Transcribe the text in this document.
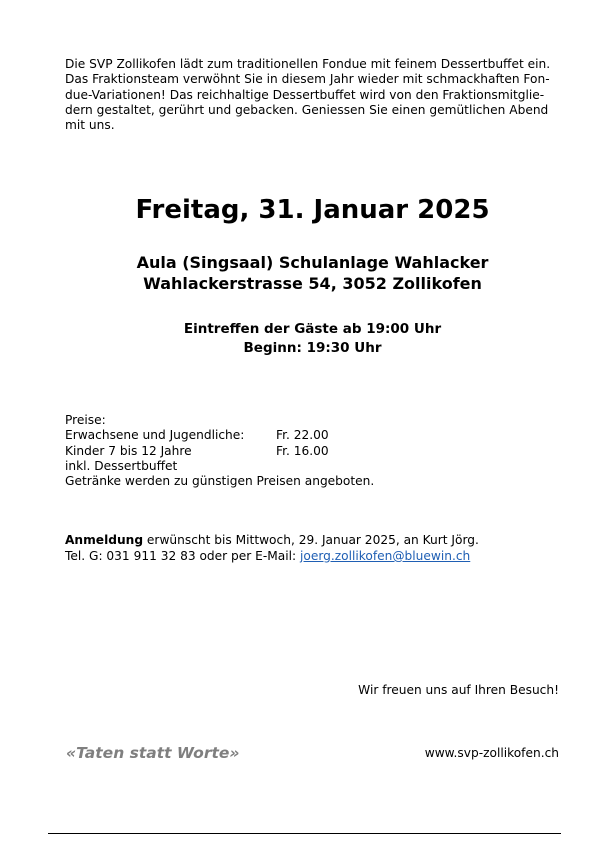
Die SVP Zollikofen lädt zum traditionellen Fondue mit feinem Dessertbuffet ein.
Das Fraktionsteam verwöhnt Sie in diesem Jahr wieder mit schmackhaften Fon-
due-Variationen! Das reichhaltige Dessertbuffet wird von den Fraktionsmitglie-
dern gestaltet, gerührt und gebacken. Geniessen Sie einen gemütlichen Abend
mit uns.

Freitag, 31. Januar 2025
Aula (Singsaal) Schulanlage Wahlacker
Wahlackerstrasse 54, 3052 Zollikofen
Eintreffen der Gäste ab 19:00 Uhr
Beginn: 19:30 Uhr
Preise:
Erwachsene und Jugendliche:	Fr. 22.00
Kinder 7 bis 12 Jahre	Fr. 16.00
inkl. Dessertbuffet
Getränke werden zu günstigen Preisen angeboten.
Anmeldung erwünscht bis Mittwoch, 29. Januar 2025, an Kurt Jörg.
Tel. G: 031 911 32 83 oder per E-Mail: joerg.zollikofen@bluewin.ch
Wir freuen uns auf Ihren Besuch!
«Taten statt Worte»	www.svp-zollikofen.ch
